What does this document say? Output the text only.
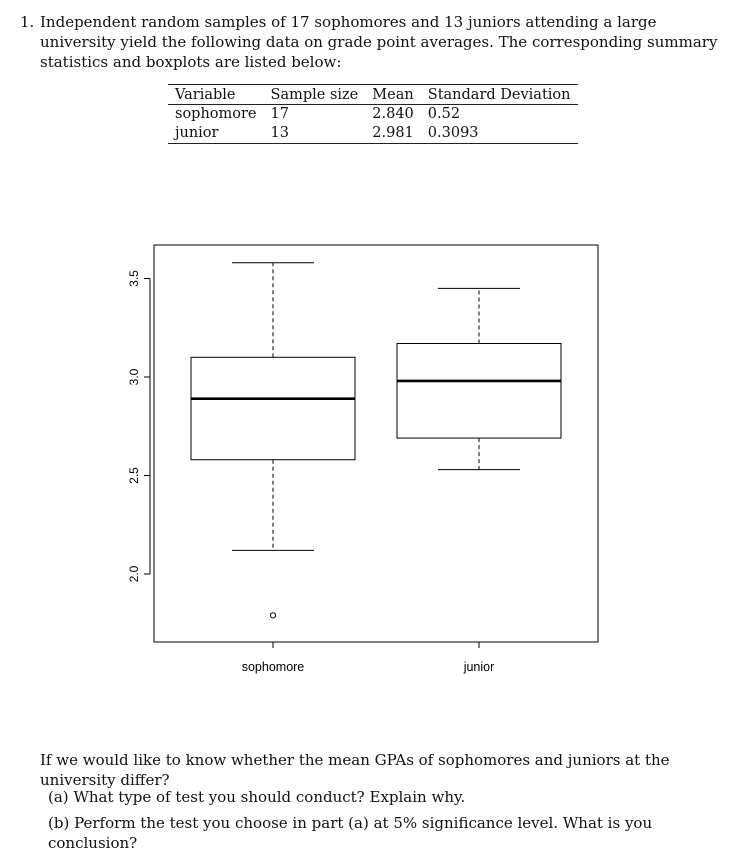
1. Independent random samples of 17 sophomores and 13 juniors attending a large university yield the following data on grade point averages. The corresponding summary statistics and boxplots are listed below:
Variable	Sample size	Mean	Standard Deviation
sophomore	17	2.840	0.52
junior	13	2.981	0.3093
2.0
2.5
3.0
3.5
sophomore	junior
If we would like to know whether the mean GPAs of sophomores and juniors at the university differ?
(a) What type of test you should conduct? Explain why.
(b) Perform the test you choose in part (a) at 5% significance level. What is you conclusion?
